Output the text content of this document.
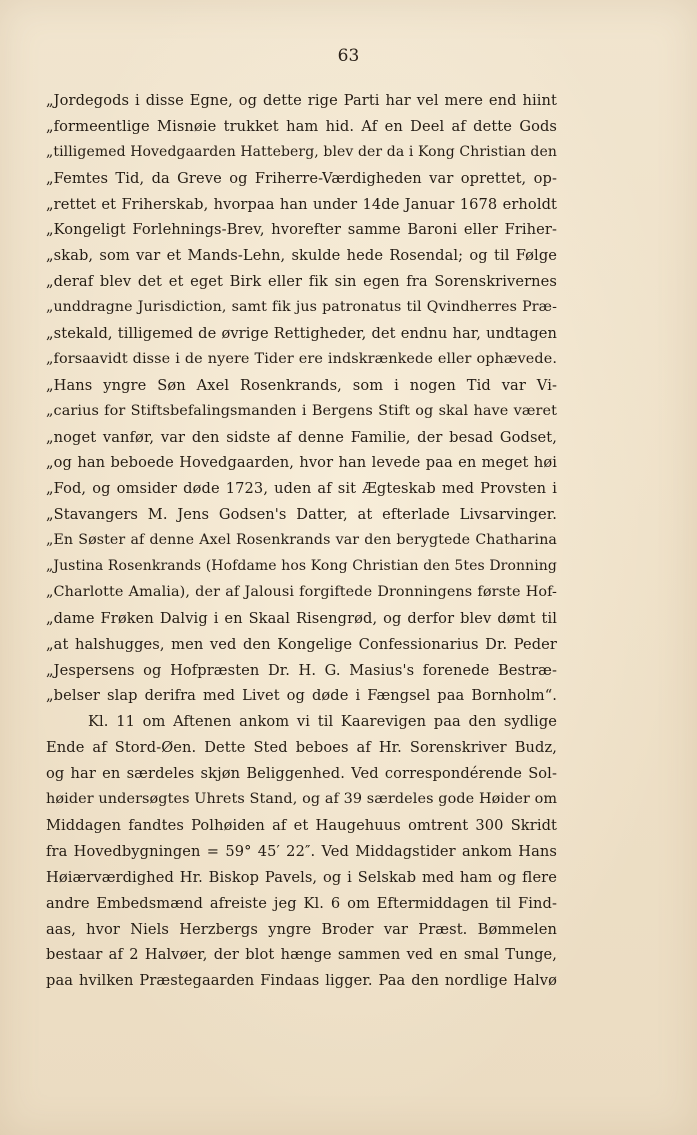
63
„Jordegods i disse Egne, og dette rige Parti har vel mere end hiint
„formeentlige Misnøie trukket ham hid. Af en Deel af dette Gods
„tilligemed Hovedgaarden Hatteberg, blev der da i Kong Christian den
„Femtes Tid, da Greve og Friherre-Værdigheden var oprettet, op-
„rettet et Friherskab, hvorpaa han under 14de Januar 1678 erholdt
„Kongeligt Forlehnings-Brev, hvorefter samme Baroni eller Friher-
„skab, som var et Mands-Lehn, skulde hede Rosendal; og til Følge
„deraf blev det et eget Birk eller fik sin egen fra Sorenskrivernes
„unddragne Jurisdiction, samt fik jus patronatus til Qvindherres Præ-
„stekald, tilligemed de øvrige Rettigheder, det endnu har, undtagen
„forsaavidt disse i de nyere Tider ere indskrænkede eller ophævede.
„Hans yngre Søn Axel Rosenkrands, som i nogen Tid var Vi-
„carius for Stiftsbefalingsmanden i Bergens Stift og skal have været
„noget vanfør, var den sidste af denne Familie, der besad Godset,
„og han beboede Hovedgaarden, hvor han levede paa en meget høi
„Fod, og omsider døde 1723, uden af sit Ægteskab med Provsten i
„Stavangers M. Jens Godsen's Datter, at efterlade Livsarvinger.
„En Søster af denne Axel Rosenkrands var den berygtede Chatharina
„Justina Rosenkrands (Hofdame hos Kong Christian den 5tes Dronning
„Charlotte Amalia), der af Jalousi forgiftede Dronningens første Hof-
„dame Frøken Dalvig i en Skaal Risengrød, og derfor blev dømt til
„at halshugges, men ved den Kongelige Confessionarius Dr. Peder
„Jespersens og Hofpræsten Dr. H. G. Masius's forenede Bestræ-
„belser slap derifra med Livet og døde i Fængsel paa Bornholm“.
Kl. 11 om Aftenen ankom vi til Kaarevigen paa den sydlige
Ende af Stord-Øen. Dette Sted beboes af Hr. Sorenskriver Budz,
og har en særdeles skjøn Beliggenhed. Ved correspondérende Sol-
høider undersøgtes Uhrets Stand, og af 39 særdeles gode Høider om
Middagen fandtes Polhøiden af et Haugehuus omtrent 300 Skridt
fra Hovedbygningen = 59° 45′ 22″. Ved Middagstider ankom Hans
Høiærværdighed Hr. Biskop Pavels, og i Selskab med ham og flere
andre Embedsmænd afreiste jeg Kl. 6 om Eftermiddagen til Find-
aas, hvor Niels Herzbergs yngre Broder var Præst. Bømmelen
bestaar af 2 Halvøer, der blot hænge sammen ved en smal Tunge,
paa hvilken Præstegaarden Findaas ligger. Paa den nordlige Halvø
